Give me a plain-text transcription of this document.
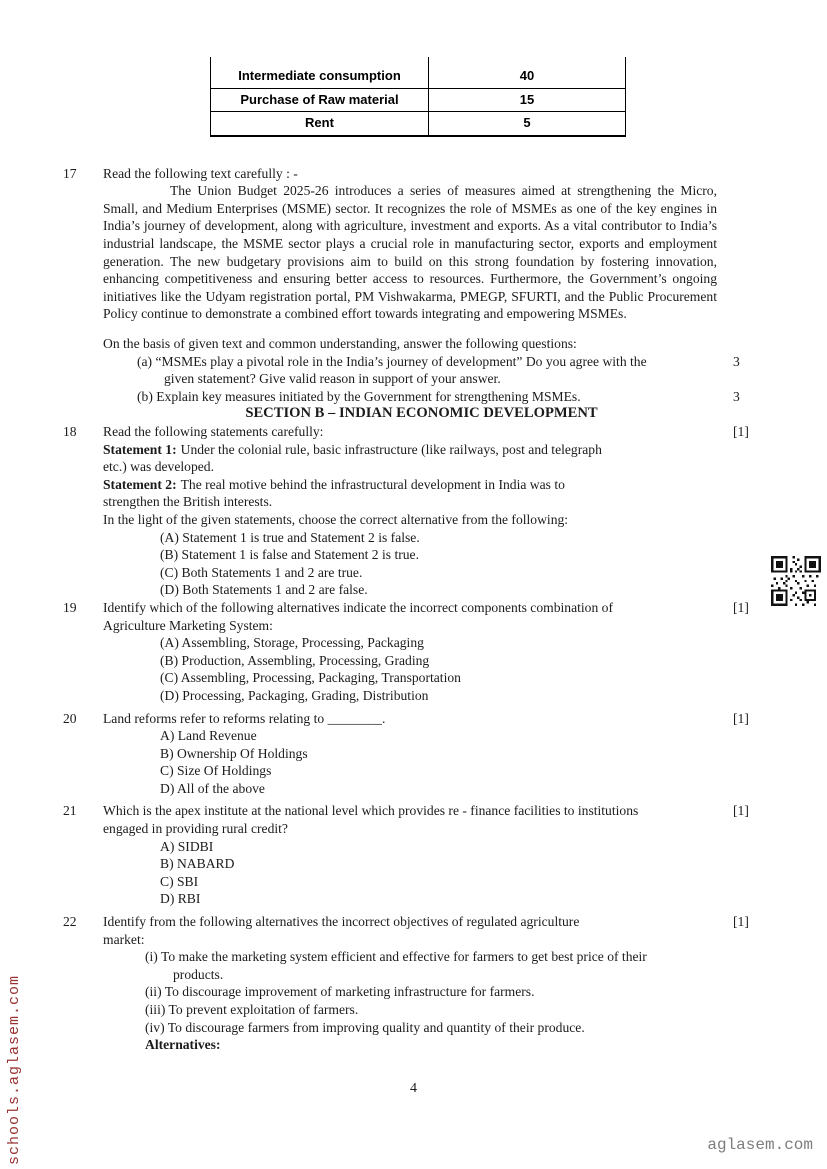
Intermediate consumption	40
Purchase of Raw material	15
Rent	5
17	Read the following text carefully : -
The Union Budget 2025-26 introduces a series of measures aimed at strengthening the Micro, Small, and Medium Enterprises (MSME) sector. It recognizes the role of MSMEs as one of the key engines in India’s journey of development, along with agriculture, investment and exports. As a vital contributor to India’s industrial landscape, the MSME sector plays a crucial role in manufacturing sector, exports and employment generation. The new budgetary provisions aim to build on this strong foundation by fostering innovation, enhancing competitiveness and ensuring better access to resources. Furthermore, the Government’s ongoing initiatives like the Udyam registration portal, PM Vishwakarma, PMEGP, SFURTI, and the Public Procurement Policy continue to demonstrate a combined effort towards integrating and empowering MSMEs.
On the basis of given text and common understanding, answer the following questions:
(a) “MSMEs play a pivotal role in the India’s journey of development” Do you agree with the
given statement? Give valid reason in support of your answer.
3
(b) Explain key measures initiated by the Government for strengthening MSMEs.	3
SECTION B – INDIAN ECONOMIC DEVELOPMENT
18	Read the following statements carefully:
Statement 1: Under the colonial rule, basic infrastructure (like railways, post and telegraph
etc.) was developed.
Statement 2: The real motive behind the infrastructural development in India was to
strengthen the British interests.
In the light of the given statements, choose the correct alternative from the following:
(A) Statement 1 is true and Statement 2 is false.
(B) Statement 1 is false and Statement 2 is true.
(C) Both Statements 1 and 2 are true.
(D) Both Statements 1 and 2 are false.
[1]
19	Identify which of the following alternatives indicate the incorrect components combination of
Agriculture Marketing System:
(A) Assembling, Storage, Processing, Packaging
(B) Production, Assembling, Processing, Grading
(C) Assembling, Processing, Packaging, Transportation
(D) Processing, Packaging, Grading, Distribution
[1]
20	Land reforms refer to reforms relating to ________.
A) Land Revenue
B) Ownership Of Holdings
C) Size Of Holdings
D) All of the above
[1]
21	Which is the apex institute at the national level which provides re - finance facilities to institutions
engaged in providing rural credit?
A) SIDBI
B) NABARD
C) SBI
D) RBI
[1]
22	Identify from the following alternatives the incorrect objectives of regulated agriculture
market:
(i) To make the marketing system efficient and effective for farmers to get best price of their
products.
(ii) To discourage improvement of marketing infrastructure for farmers.
(iii) To prevent exploitation of farmers.
(iv) To discourage farmers from improving quality and quantity of their produce.
Alternatives:
[1]
4
schools.aglasem.com	aglasem.com
